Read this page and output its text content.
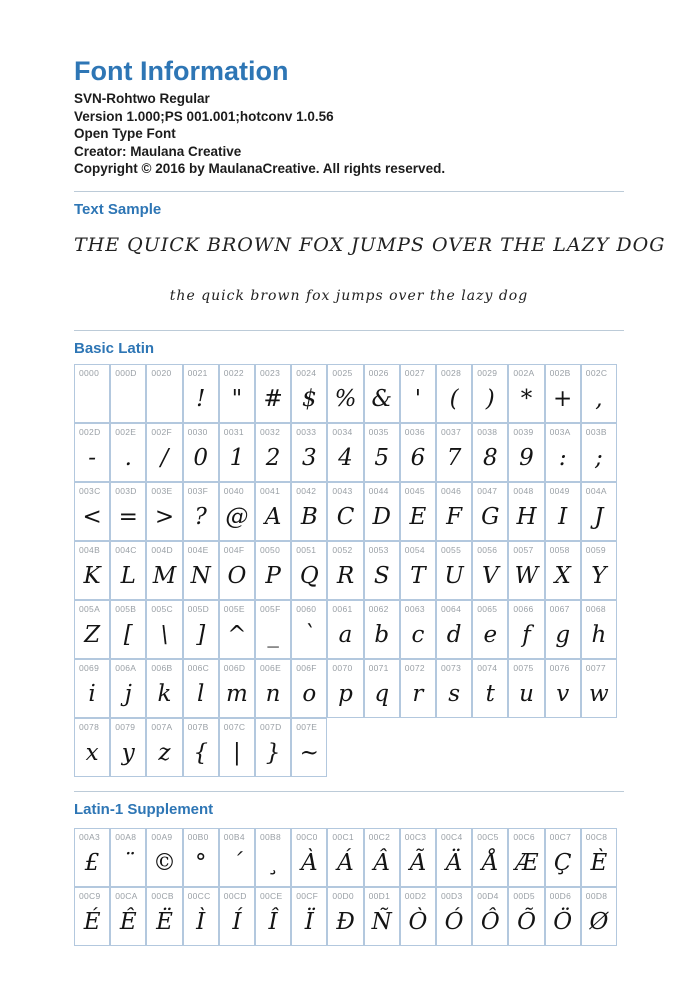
Font Information
SVN-Rohtwo Regular
Version 1.000;PS 001.001;hotconv 1.0.56
Open Type Font
Creator: Maulana Creative
Copyright © 2016 by MaulanaCreative. All rights reserved.
Text Sample
THE QUICK BROWN FOX JUMPS OVER THE LAZY DOG
the quick brown fox jumps over the lazy dog
Basic Latin
0000 000D 0020 0021
!
0022
"
0023
#
0024
$
0025
%
0026
&
0027
'
0028
(
0029
)
002A
*
002B
+
002C
,
002D
-
002E
.
002F
/
0030
0
0031
1
0032
2
0033
3
0034
4
0035
5
0036
6
0037
7
0038
8
0039
9
003A
:
003B
;
003C
<
003D
=
003E
>
003F
?
0040
@
0041
A
0042
B
0043
C
0044
D
0045
E
0046
F
0047
G
0048
H
0049
I
004A
J
004B
K
004C
L
004D
M
004E
N
004F
O
0050
P
0051
Q
0052
R
0053
S
0054
T
0055
U
0056
V
0057
W
0058
X
0059
Y
005A
Z
005B
[
005C
\
005D
]
005E
^
005F
_
0060
`
0061
a
0062
b
0063
c
0064
d
0065
e
0066
f
0067
g
0068
h
0069
i
006A
j
006B
k
006C
l
006D
m
006E
n
006F
o
0070
p
0071
q
0072
r
0073
s
0074
t
0075
u
0076
v
0077
w
0078
x
0079
y
007A
z
007B
{
007C
|
007D
}
007E
~
Latin-1 Supplement
00A3
£
00A8
¨
00A9
©
00B0
°
00B4
´
00B8
¸
00C0
À
00C1
Á
00C2
Â
00C3
Ã
00C4
Ä
00C5
Å
00C6
Æ
00C7
Ç
00C8
È
00C9
É
00CA
Ê
00CB
Ë
00CC
Ì
00CD
Í
00CE
Î
00CF
Ï
00D0
Ð
00D1
Ñ
00D2
Ò
00D3
Ó
00D4
Ô
00D5
Õ
00D6
Ö
00D8
Ø
